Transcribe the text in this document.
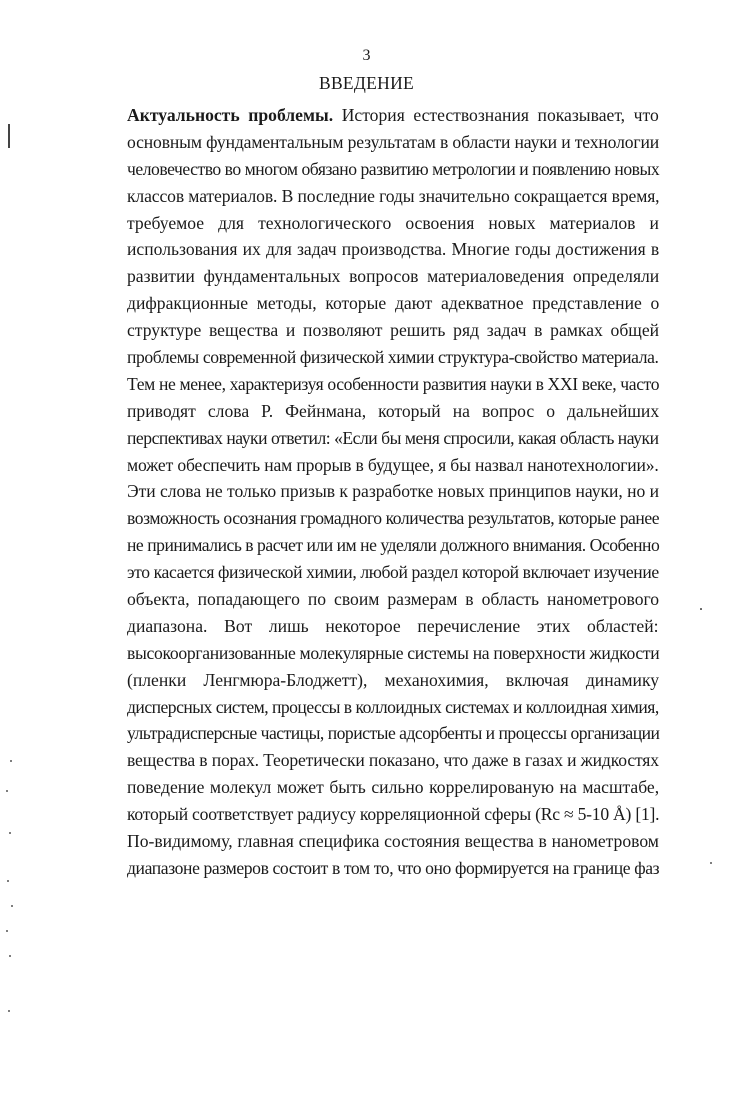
3
ВВЕДЕНИЕ
Актуальность проблемы. История естествознания показывает, что
основным фундаментальным результатам в области науки и технологии
человечество во многом обязано развитию метрологии и появлению новых
классов материалов. В последние годы значительно сокращается время,
требуемое для технологического освоения новых материалов и
использования их для задач производства. Многие годы достижения в
развитии фундаментальных вопросов материаловедения определяли
дифракционные методы, которые дают адекватное представление о
структуре вещества и позволяют решить ряд задач в рамках общей
проблемы современной физической химии структура-свойство материала.
Тем не менее, характеризуя особенности развития науки в XXI веке, часто
приводят слова Р. Фейнмана, который на вопрос о дальнейших
перспективах науки ответил: «Если бы меня спросили, какая область науки
может обеспечить нам прорыв в будущее, я бы назвал нанотехнологии».
Эти слова не только призыв к разработке новых принципов науки, но и
возможность осознания громадного количества результатов, которые ранее
не принимались в расчет или им не уделяли должного внимания. Особенно
это касается физической химии, любой раздел которой включает изучение
объекта, попадающего по своим размерам в область нанометрового
диапазона. Вот лишь некоторое перечисление этих областей:
высокоорганизованные молекулярные системы на поверхности жидкости
(пленки Ленгмюра-Блоджетт), механохимия, включая динамику
дисперсных систем, процессы в коллоидных системах и коллоидная химия,
ультрадисперсные частицы, пористые адсорбенты и процессы организации
вещества в порах. Теоретически показано, что даже в газах и жидкостях
поведение молекул может быть сильно коррелированую на масштабе,
который соответствует радиусу корреляционной сферы (Rc ≈ 5-10 Å) [1].
По-видимому, главная специфика состояния вещества в нанометровом
диапазоне размеров состоит в том то, что оно формируется на границе фаз
